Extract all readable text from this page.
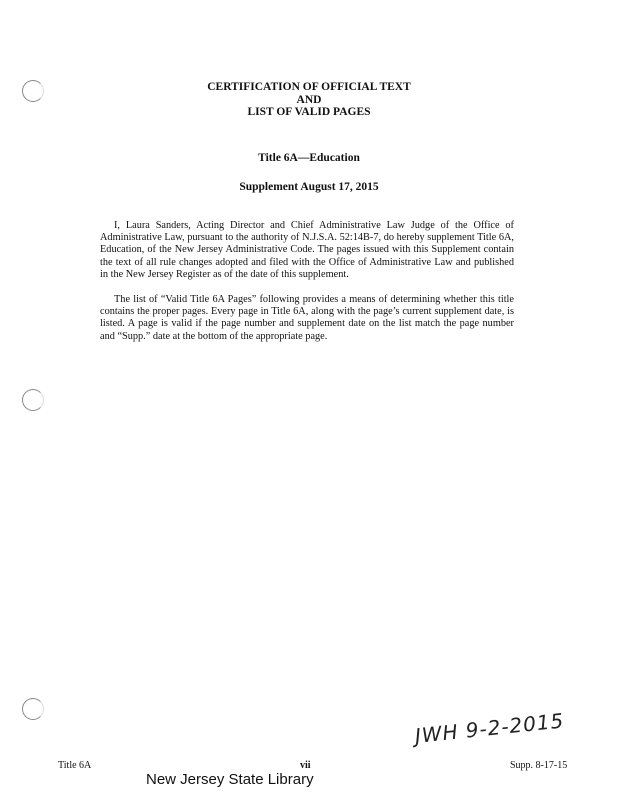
CERTIFICATION OF OFFICIAL TEXT
AND
LIST OF VALID PAGES
Title 6A—Education
Supplement August 17, 2015

I, Laura Sanders, Acting Director and Chief Administrative Law Judge of the Office of Administrative Law, pursuant to the authority of N.J.S.A. 52:14B-7, do hereby supplement Title 6A, Education, of the New Jersey Administrative Code. The pages issued with this Supplement contain the text of all rule changes adopted and filed with the Office of Administrative Law and published in the New Jersey Register as of the date of this supplement.

The list of “Valid Title 6A Pages” following provides a means of determining whether this title contains the proper pages. Every page in Title 6A, along with the page’s current supplement date, is listed. A page is valid if the page number and supplement date on the list match the page number and “Supp.” date at the bottom of the appropriate page.

JWH 9-2-2015
Title 6A	vii	Supp. 8-17-15
New Jersey State Library
